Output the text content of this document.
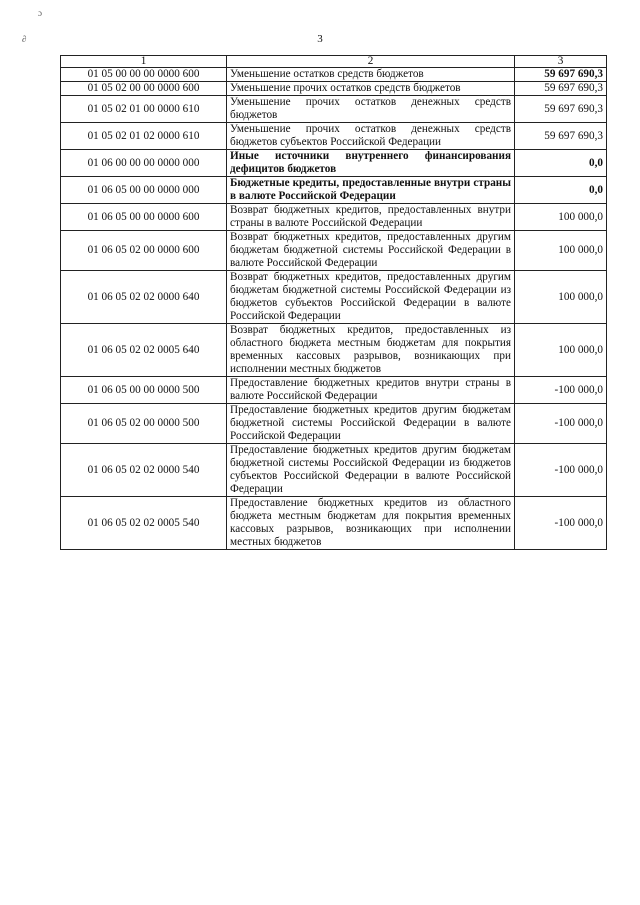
ɔ
∂	3
1	2	3
01 05 00 00 00 0000 600	Уменьшение остатков средств бюджетов	59 697 690,3
01 05 02 00 00 0000 600	Уменьшение прочих остатков средств бюджетов	59 697 690,3
01 05 02 01 00 0000 610	Уменьшение прочих остатков денежных средств бюджетов	59 697 690,3
01 05 02 01 02 0000 610	Уменьшение прочих остатков денежных средств бюджетов субъектов Российской Федерации	59 697 690,3
01 06 00 00 00 0000 000	Иные источники внутреннего финансирования дефицитов бюджетов	0,0
01 06 05 00 00 0000 000	Бюджетные кредиты, предоставленные внутри страны в валюте Российской Федерации	0,0
01 06 05 00 00 0000 600	Возврат бюджетных кредитов, предоставленных внутри страны в валюте Российской Федерации	100 000,0
01 06 05 02 00 0000 600	Возврат бюджетных кредитов, предоставленных другим бюджетам бюджетной системы Российской Федерации в валюте Российской Федерации	100 000,0
01 06 05 02 02 0000 640	Возврат бюджетных кредитов, предоставленных другим бюджетам бюджетной системы Российской Федерации из бюджетов субъектов Российской Федерации в валюте Российской Федерации	100 000,0
01 06 05 02 02 0005 640	Возврат бюджетных кредитов, предоставленных из областного бюджета местным бюджетам для покрытия временных кассовых разрывов, возникающих при исполнении местных бюджетов	100 000,0
01 06 05 00 00 0000 500	Предоставление бюджетных кредитов внутри страны в валюте Российской Федерации	-100 000,0
01 06 05 02 00 0000 500	Предоставление бюджетных кредитов другим бюджетам бюджетной системы Российской Федерации в валюте Российской Федерации	-100 000,0
01 06 05 02 02 0000 540	Предоставление бюджетных кредитов другим бюджетам бюджетной системы Российской Федерации из бюджетов субъектов Российской Федерации в валюте Российской Федерации	-100 000,0
01 06 05 02 02 0005 540	Предоставление бюджетных кредитов из областного бюджета местным бюджетам для покрытия временных кассовых разрывов, возникающих при исполнении местных бюджетов	-100 000,0
